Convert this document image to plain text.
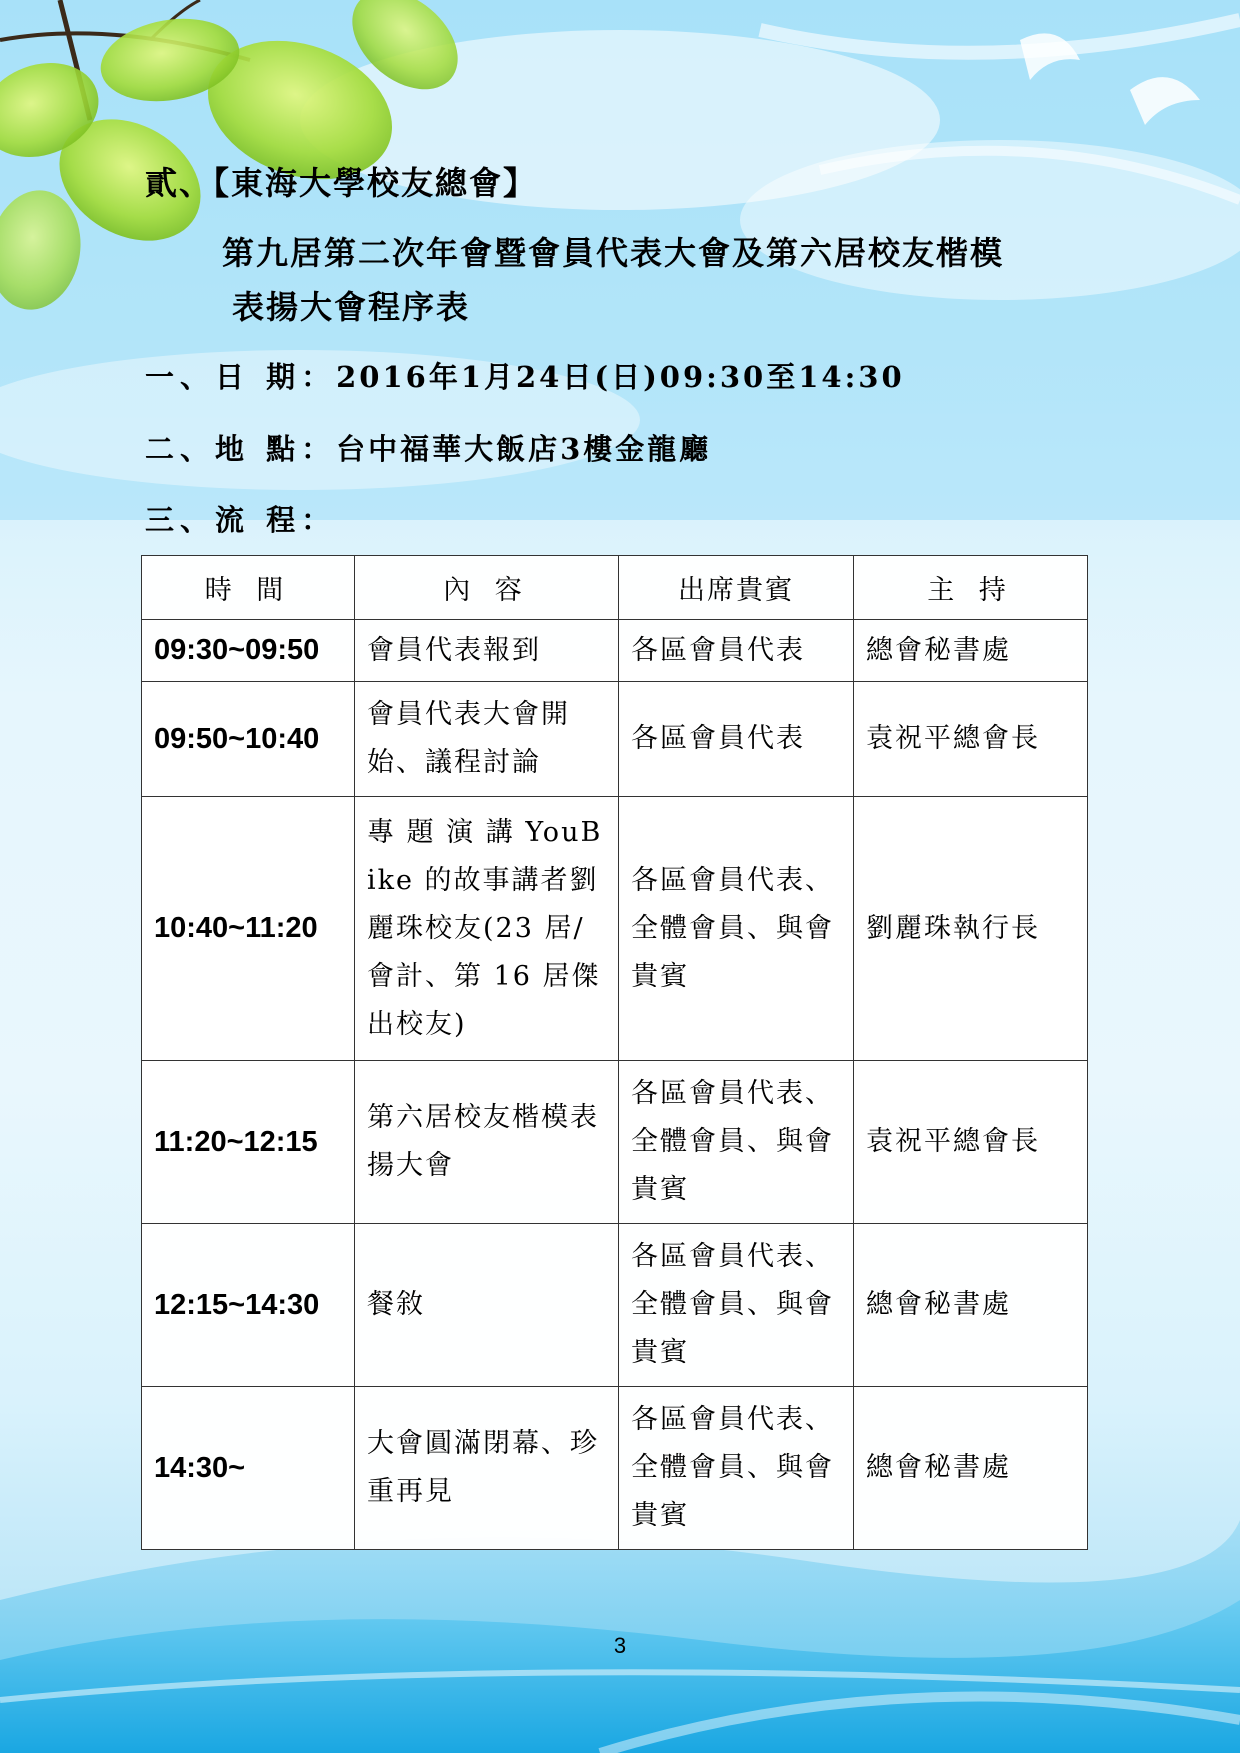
貳、【東海大學校友總會】
第九居第二次年會暨會員代表大會及第六居校友楷模
表揚大會程序表
一、日 期：2016年1月24日(日)09:30至14:30
二、地 點：台中福華大飯店3樓金龍廳
三、流 程：
時 間	內 容	出席貴賓	主 持
09:30~09:50	會員代表報到	各區會員代表	總會秘書處
09:50~10:40	會員代表大會開始、議程討論	各區會員代表	袁祝平總會長
10:40~11:20	專 題 演 講 YouBike 的故事講者劉麗珠校友(23 居/會計、第 16 居傑出校友)	各區會員代表、全體會員、與會貴賓	劉麗珠執行長
11:20~12:15	第六居校友楷模表揚大會	各區會員代表、全體會員、與會貴賓	袁祝平總會長
12:15~14:30	餐敘	各區會員代表、全體會員、與會貴賓	總會秘書處
14:30~	大會圓滿閉幕、珍重再見	各區會員代表、全體會員、與會貴賓	總會秘書處
3
